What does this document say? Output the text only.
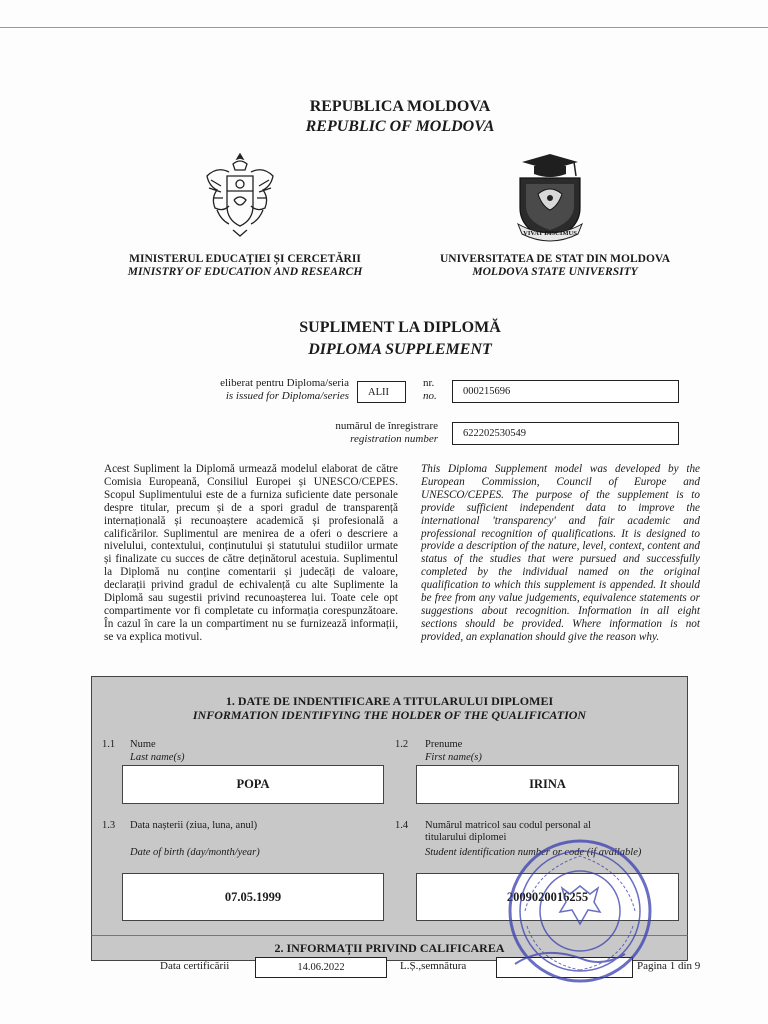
REPUBLICA MOLDOVA
REPUBLIC OF MOLDOVA
VIVAT DISCIMUS
MINISTERUL EDUCAȚIEI ȘI CERCETĂRII
MINISTRY OF EDUCATION AND RESEARCH
UNIVERSITATEA DE STAT DIN MOLDOVA
MOLDOVA STATE UNIVERSITY
SUPLIMENT LA DIPLOMĂ
DIPLOMA SUPPLEMENT
eliberat pentru Diploma/seria
is issued for Diploma/series ALII
nr.
no.	000215696
numărul de înregistrare
registration number 622202530549
Acest Supliment la Diplomă urmează modelul elaborat de către Comisia Europeană, Consiliul Europei și UNESCO/CEPES. Scopul Suplimentului este de a furniza suficiente date personale despre titular, precum și de a spori gradul de transparență internațională și recunoaștere academică și profesională a calificărilor. Suplimentul are menirea de a oferi o descriere a nivelului, contextului, conținutului și statutului studiilor urmate și finalizate cu succes de către deținătorul acestuia. Suplimentul la Diplomă nu conține comentarii și judecăți de valoare, declarații privind gradul de echivalență cu alte Suplimente la Diplomă sau sugestii privind recunoașterea lui. Toate cele opt compartimente vor fi completate cu informația corespunzătoare. În cazul în care la un compartiment nu se furnizează informații, se va explica motivul.
This Diploma Supplement model was developed by the European Commission, Council of Europe and UNESCO/CEPES. The purpose of the supplement is to provide sufficient independent data to improve the international 'transparency' and fair academic and professional recognition of qualifications. It is designed to provide a description of the nature, level, context, content and status of the studies that were pursued and successfully completed by the individual named on the original qualification to which this supplement is appended. It should be free from any value judgements, equivalence statements or suggestions about recognition. Information in all eight sections should be provided. Where information is not provided, an explanation should give the reason why.
1. DATE DE INDENTIFICARE A TITULARULUI DIPLOMEI
INFORMATION IDENTIFYING THE HOLDER OF THE QUALIFICATION
1.1 Nume
Last name(s)
POPA
1.2 Prenume
First name(s)
IRINA
1.3 Data nașterii (ziua, luna, anul)
Date of birth (day/month/year)
07.05.1999
1.4 Numărul matricol sau codul personal al titularului diplomei
Student identification number or code (if available)
2009020016255
2. INFORMAȚII PRIVIND CALIFICAREA
Data certificării	14.06.2022	L.Ș.,semnătura	Pagina 1 din 9
